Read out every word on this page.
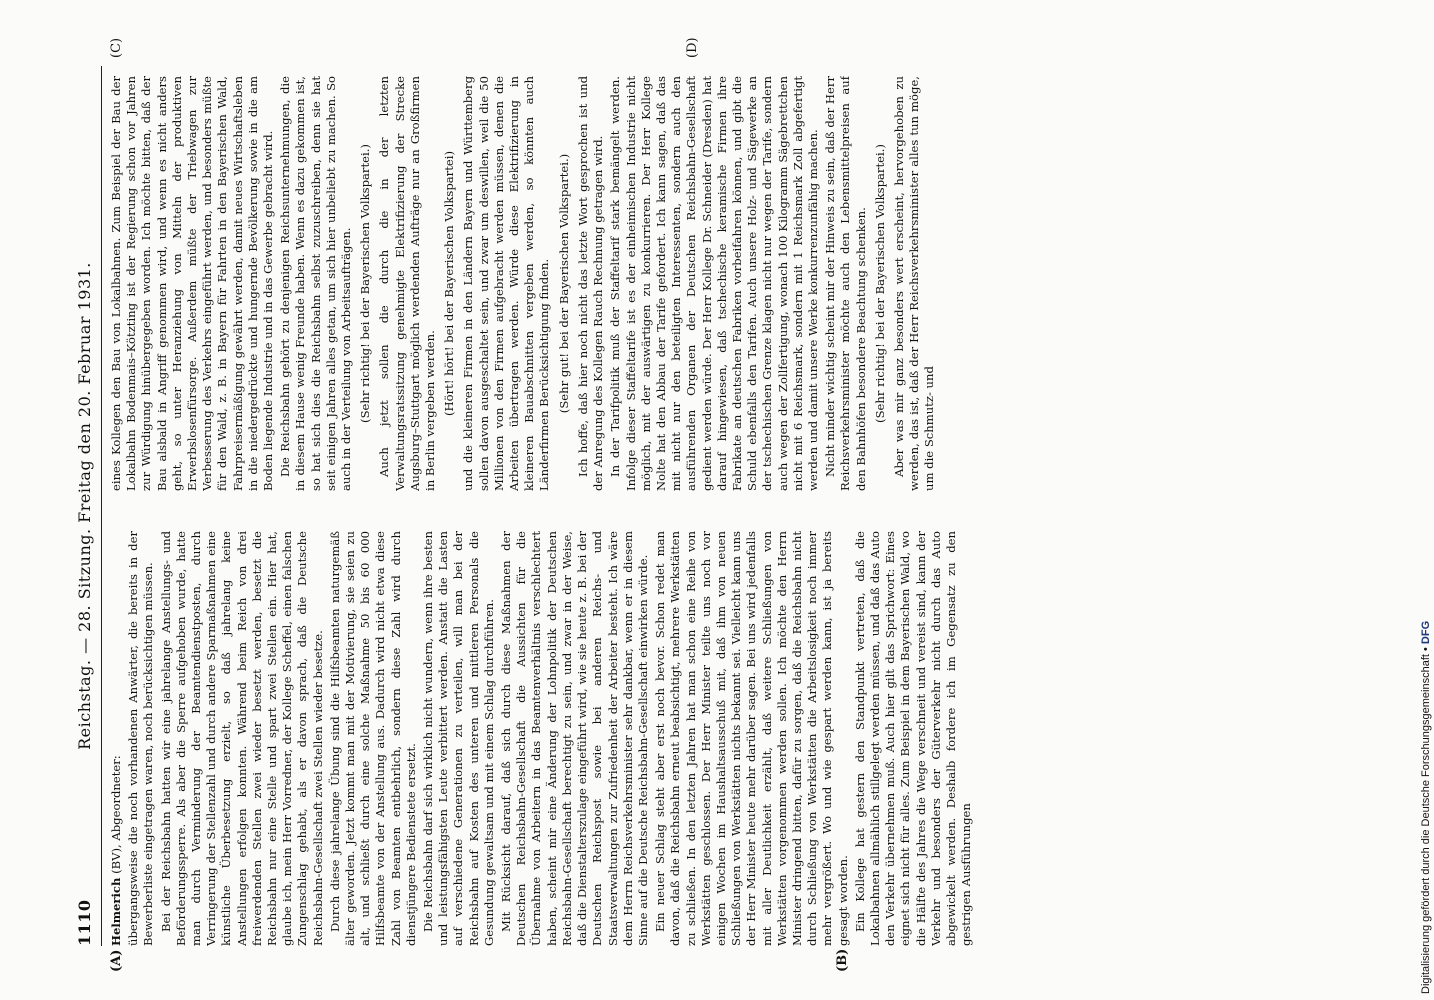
1110
Reichstag. — 28. Sitzung. Freitag den 20. Februar 1931.

Helmerich (BV), Abgeordneter: übergangsweise die noch vorhandenen Anwärter, die bereits in der Bewerberliste eingetragen waren, noch berücksichtigen müssen. Bei der Reichsbahn hatten wir eine jahrelange Anstellungs- und Beförderungssperre. Als aber die Sperre aufgehoben wurde, hatte man durch Verminderung der Beamtendienstposten, durch Verringerung der Stellenzahl und durch andere Sparmaßnahmen eine künstliche Überbesetzung erzielt, so daß jahrelang keine Anstellungen erfolgen konnten. Während beim Reich von drei freiwerdenden Stellen zwei wieder besetzt werden, besetzt die Reichsbahn nur eine Stelle und spart zwei Stellen ein. Hier hat, glaube ich, mein Herr Vorredner, der Kollege Scheffel, einen falschen Zungenschlag gehabt, als er davon sprach, daß die Deutsche Reichsbahn-Gesellschaft zwei Stellen wieder besetze. Durch diese jahrelange Übung sind die Hilfsbeamten naturgemäß älter geworden. Jetzt kommt man mit der Motivierung, sie seien zu alt, und schließt durch eine solche Maßnahme 50 bis 60 000 Hilfsbeamte von der Anstellung aus. Dadurch wird nicht etwa diese Zahl von Beamten entbehrlich, sondern diese Zahl wird durch dienstjüngere Bedienstete ersetzt. Die Reichsbahn darf sich wirklich nicht wundern, wenn ihre besten und leistungsfähigsten Leute verbittert werden. Anstatt die Lasten auf verschiedene Generationen zu verteilen, will man bei der Reichsbahn auf Kosten des unteren und mittleren Personals die Gesundung gewaltsam und mit einem Schlag durchführen. Mit Rücksicht darauf, daß sich durch diese Maßnahmen der Deutschen Reichsbahn-Gesellschaft die Aussichten für die Übernahme von Arbeitern in das Beamtenverhältnis verschlechtert haben, scheint mir eine Änderung der Lohnpolitik der Deutschen Reichsbahn-Gesellschaft berechtigt zu sein, und zwar in der Weise, daß die Dienstalterszulage eingeführt wird, wie sie heute z. B. bei der Deutschen Reichspost sowie bei anderen Reichs- und Staatsverwaltungen zur Zufriedenheit der Arbeiter besteht. Ich wäre dem Herrn Reichsverkehrsminister sehr dankbar, wenn er in diesem Sinne auf die Deutsche Reichsbahn-Gesellschaft einwirken würde. Ein neuer Schlag steht aber erst noch bevor. Schon redet man davon, daß die Reichsbahn erneut beabsichtigt, mehrere Werkstätten zu schließen. In den letzten Jahren hat man schon eine Reihe von Werkstätten geschlossen. Der Herr Minister teilte uns noch vor einigen Wochen im Haushaltsausschuß mit, daß ihm von neuen Schließungen von Werkstätten nichts bekannt sei. Vielleicht kann uns der Herr Minister heute mehr darüber sagen. Bei uns wird jedenfalls mit aller Deutlichkeit erzählt, daß weitere Schließungen von Werkstätten vorgenommen werden sollen. Ich möchte den Herrn Minister dringend bitten, dafür zu sorgen, daß die Reichsbahn nicht durch Schließung von Werkstätten die Arbeitslosigkeit noch immer mehr vergrößert. Wo und wie gespart werden kann, ist ja bereits gesagt worden. Ein Kollege hat gestern den Standpunkt vertreten, daß die Lokalbahnen allmählich stillgelegt werden müssen, und daß das Auto den Verkehr übernehmen muß. Auch hier gilt das Sprichwort: Eines eignet sich nicht für alles. Zum Beispiel in dem Bayerischen Wald, wo die Hälfte des Jahres die Wege verschneit und vereist sind, kann der Verkehr und besonders der Güterverkehr nicht durch das Auto abgewickelt werden. Deshalb fordere ich im Gegensatz zu den gestrigen Ausführungen

eines Kollegen den Bau von Lokalbahnen. Zum Beispiel der Bau der Lokalbahn Bodenmais–Kötzting ist der Regierung schon vor Jahren zur Würdigung hinübergegeben worden. Ich möchte bitten, daß der Bau alsbald in Angriff genommen wird, und wenn es nicht anders geht, so unter Heranziehung von Mitteln der produktiven Erwerbslosenfürsorge. Außerdem müßte der Triebwagen zur Verbesserung des Verkehrs eingeführt werden, und besonders müßte für den Wald, z. B. in Bayern für Fahrten in den Bayerischen Wald, Fahrpreisermäßigung gewährt werden, damit neues Wirtschaftsleben in die niedergedrückte und hungernde Bevölkerung sowie in die am Boden liegende Industrie und in das Gewerbe gebracht wird. Die Reichsbahn gehört zu denjenigen Reichsunternehmungen, die in diesem Hause wenig Freunde haben. Wenn es dazu gekommen ist, so hat sich dies die Reichsbahn selbst zuzuschreiben, denn sie hat seit einigen Jahren alles getan, um sich hier unbeliebt zu machen. So auch in der Verteilung von Arbeitsaufträgen. (Sehr richtig! bei der Bayerischen Volkspartei.) Auch jetzt sollen die durch die in der letzten Verwaltungsratssitzung genehmigte Elektrifizierung der Strecke Augsburg–Stuttgart möglich werdenden Aufträge nur an Großfirmen in Berlin vergeben werden. (Hört! hört! bei der Bayerischen Volkspartei) und die kleineren Firmen in den Ländern Bayern und Württemberg sollen davon ausgeschaltet sein, und zwar um deswillen, weil die 50 Millionen von den Firmen aufgebracht werden müssen, denen die Arbeiten übertragen werden. Würde diese Elektrifizierung in kleineren Bauabschnitten vergeben werden, so könnten auch Länderfirmen Berücksichtigung finden. (Sehr gut! bei der Bayerischen Volkspartei.) Ich hoffe, daß hier noch nicht das letzte Wort gesprochen ist und der Anregung des Kollegen Rauch Rechnung getragen wird. In der Tarifpolitik muß der Staffeltarif stark bemängelt werden. Infolge dieser Staffeltarife ist es der einheimischen Industrie nicht möglich, mit der auswärtigen zu konkurrieren. Der Herr Kollege Nolte hat den Abbau der Tarife gefordert. Ich kann sagen, daß das mit nicht nur den beteiligten Interessenten, sondern auch den ausführenden Organen der Deutschen Reichsbahn-Gesellschaft gedient werden würde. Der Herr Kollege Dr. Schneider (Dresden) hat darauf hingewiesen, daß tschechische keramische Firmen ihre Fabrikate an deutschen Fabriken vorbeifahren können, und gibt die Schuld ebenfalls den Tarifen. Auch unsere Holz- und Sägewerke an der tschechischen Grenze klagen nicht nur wegen der Tarife, sondern auch wegen der Zollfertigung, wonach 100 Kilogramm Sägebrettchen nicht mit 6 Reichsmark, sondern mit 1 Reichsmark Zoll abgefertigt werden und damit unsere Werke konkurrenzunfähig machen. Nicht minder wichtig scheint mir der Hinweis zu sein, daß der Herr Reichsverkehrsminister möchte auch den Lebensmittelpreisen auf den Bahnhöfen besondere Beachtung schenken. (Sehr richtig! bei der Bayerischen Volkspartei.) Aber was mir ganz besonders wert erscheint, hervorgehoben zu werden, das ist, daß der Herr Reichsverkehrsminister alles tun möge, um die Schmutz- und

(A)	(B)
(C)	(D)
Digitalisierung gefördert durch die Deutsche Forschungsgemeinschaft • DFG
